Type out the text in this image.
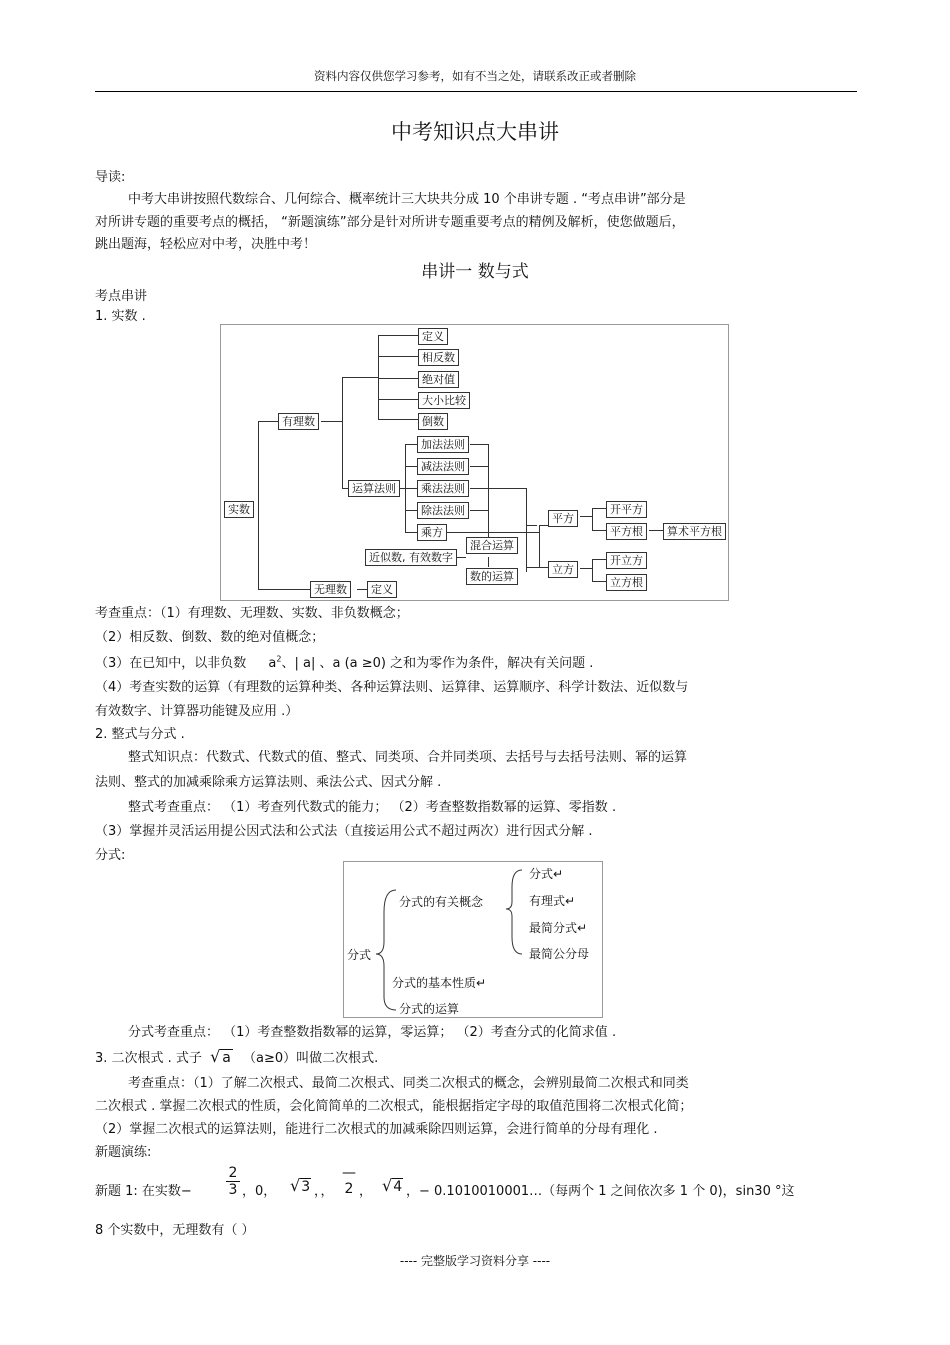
资料内容仅供您学习参考，如有不当之处，请联系改正或者删除
中考知识点大串讲
导读:
中考大串讲按照代数综合、几何综合、概率统计三大块共分成 10 个串讲专题 . “考点串讲”部分是
对所讲专题的重要考点的概括， “新题演练”部分是针对所讲专题重要考点的精例及解析，使您做题后，
跳出题海，轻松应对中考，决胜中考！
串讲一 数与式
考点串讲
1. 实数 .
实数
有理数
无理数	定义
定义
相反数
绝对值
大小比较
倒数
运算法则
加法法则
减法法则
乘法法则
除法法则
乘方
混合运算
近似数, 有效数字
数的运算
平方
立方
开平方
平方根	算术平方根
开立方
立方根
考查重点：（1）有理数、无理数、实数、非负数概念；
（2）相反数、倒数、数的绝对值概念；
（3）在已知中，以非负数 $a^2$、| a| 、a (a ≥0) 之和为零作为条件，解决有关问题 .
（4）考查实数的运算（有理数的运算种类、各种运算法则、运算律、运算顺序、科学计数法、近似数与
有效数字、计算器功能键及应用 .）
2. 整式与分式 .
整式知识点：代数式、代数式的值、整式、同类项、合并同类项、去括号与去括号法则、幂的运算
法则、整式的加减乘除乘方运算法则、乘法公式、因式分解 .
整式考查重点： （1）考查列代数式的能力； （2）考查整数指数幂的运算、零指数 .
（3）掌握并灵活运用提公因式法和公式法（直接运用公式不超过两次）进行因式分解 .
分式:
分式
分式的有关概念
分式↵
有理式↵
最简分式↵
最简公分母
分式的基本性质↵
分式的运算
分式考查重点： （1）考查整数指数幂的运算，零运算； （2）考查分式的化简求值 .
3. 二次根式 . 式子 √ a （a≥0）叫做二次根式.
考查重点：（1）了解二次根式、最简二次根式、同类二次根式的概念，会辨别最简二次根式和同类
二次根式 . 掌握二次根式的性质，会化简简单的二次根式，能根据指定字母的取值范围将二次根式化简；
（2）掌握二次根式的运算法则，能进行二次根式的加减乘除四则运算，会进行简单的分母有理化 .
新题演练:
新题 1: 在实数− $\frac{2}{3}$ ，0， √3 ，，
—
2 ， √4 ，− 0.1010010001…（每两个 1 之间依次多 1 个 0)，sin30 °这
8 个实数中，无理数有（ ）
---- 完整版学习资料分享 ----
